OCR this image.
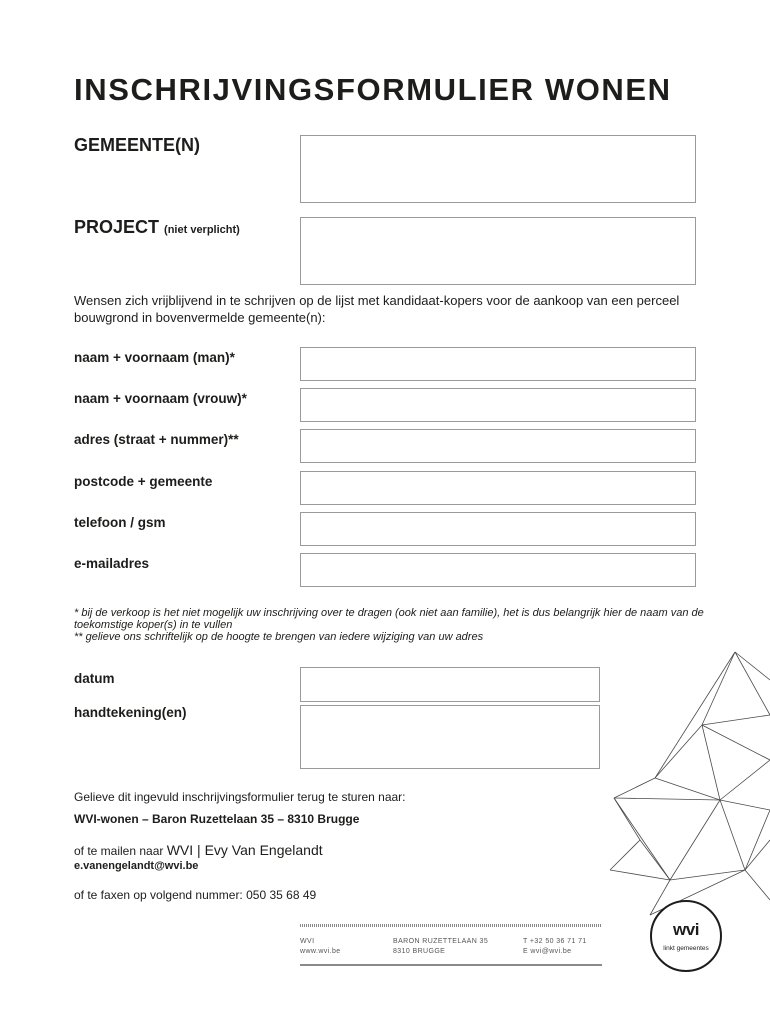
INSCHRIJVINGSFORMULIER WONEN
GEMEENTE(N)
PROJECT (niet verplicht)
Wensen zich vrijblijvend in te schrijven op de lijst met kandidaat-kopers voor de aankoop van een perceel bouwgrond in bovenvermelde gemeente(n):
naam + voornaam (man)*
naam + voornaam (vrouw)*
adres (straat + nummer)**
postcode + gemeente
telefoon / gsm
e-mailadres
* bij de verkoop is het niet mogelijk uw inschrijving over te dragen (ook niet aan familie), het is dus belangrijk hier de naam van de toekomstige koper(s) in te vullen
** gelieve ons schriftelijk op de hoogte te brengen van iedere wijziging van uw adres
datum
handtekening(en)
Gelieve dit ingevuld inschrijvingsformulier terug te sturen naar:
WVI-wonen – Baron Ruzettelaan 35 – 8310 Brugge
of te mailen naar WVI | Evy Van Engelandt
e.vanengelandt@wvi.be
of te faxen op volgend nummer: 050 35 68 49
WVI
www.wvi.be
BARON RUZETTELAAN 35
8310 BRUGGE
T +32 50 36 71 71
E wvi@wvi.be
wvi
linkt gemeentes
